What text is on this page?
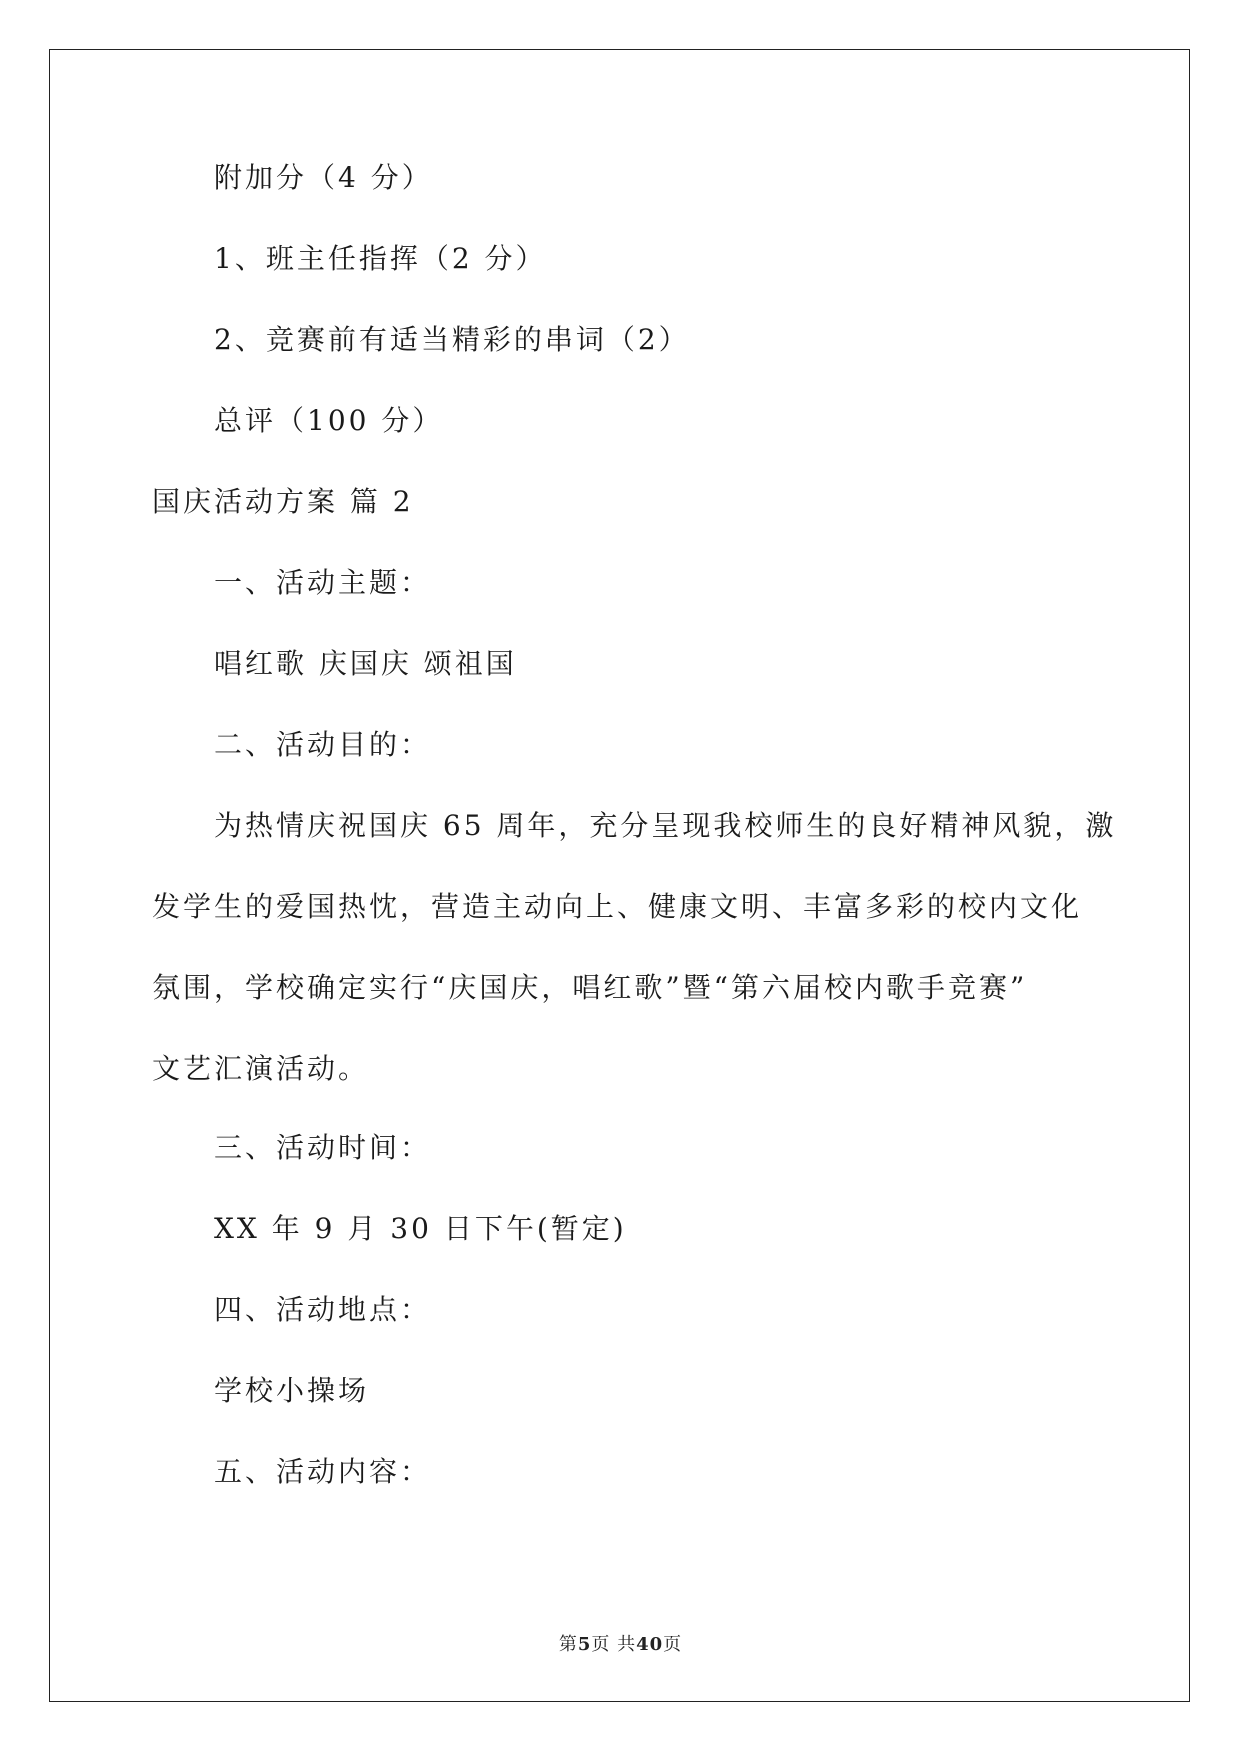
附加分（4 分）
1、班主任指挥（2 分）
2、竞赛前有适当精彩的串词（2）
总评（100 分）
国庆活动方案 篇 2
一、活动主题：
唱红歌 庆国庆 颂祖国
二、活动目的：
为热情庆祝国庆 65 周年，充分呈现我校师生的良好精神风貌，激
发学生的爱国热忱，营造主动向上、健康文明、丰富多彩的校内文化
氛围，学校确定实行“庆国庆，唱红歌”暨“第六届校内歌手竞赛”
文艺汇演活动。
三、活动时间：
XX 年 9 月 30 日下午(暂定)
四、活动地点：
学校小操场
五、活动内容：
第5页 共40页
